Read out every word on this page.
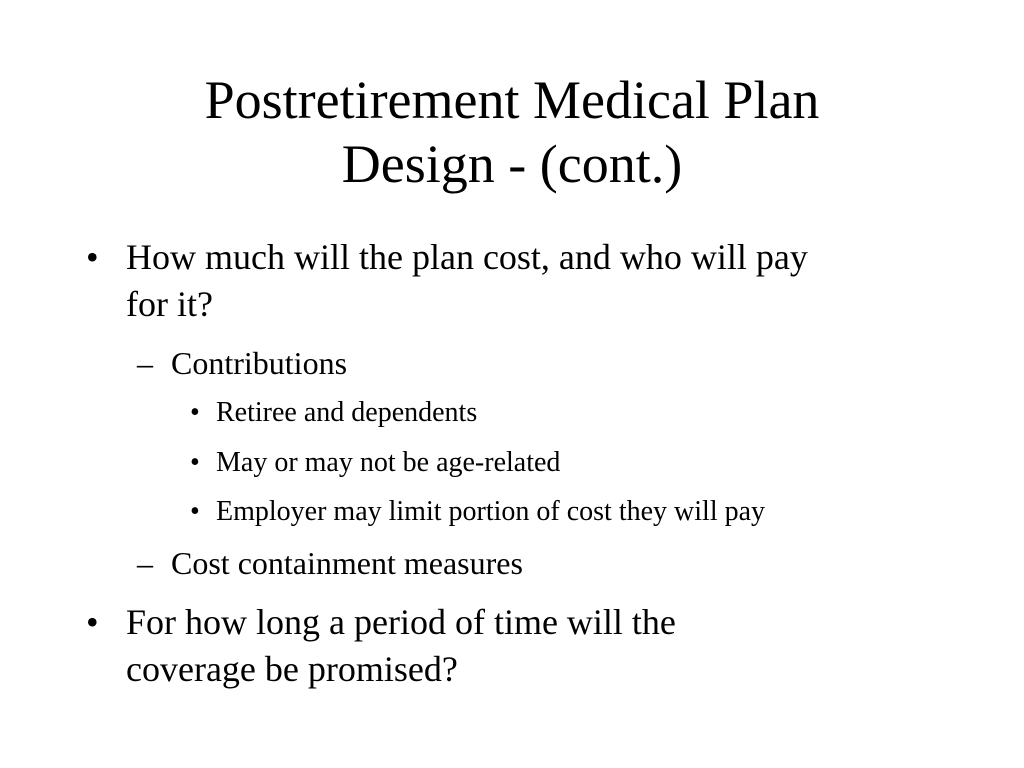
Postretirement Medical Plan
Design - (cont.)
• How much will the plan cost, and who will pay
for it?
– Contributions
• Retiree and dependents
• May or may not be age-related
• Employer may limit portion of cost they will pay
– Cost containment measures
• For how long a period of time will the
coverage be promised?
